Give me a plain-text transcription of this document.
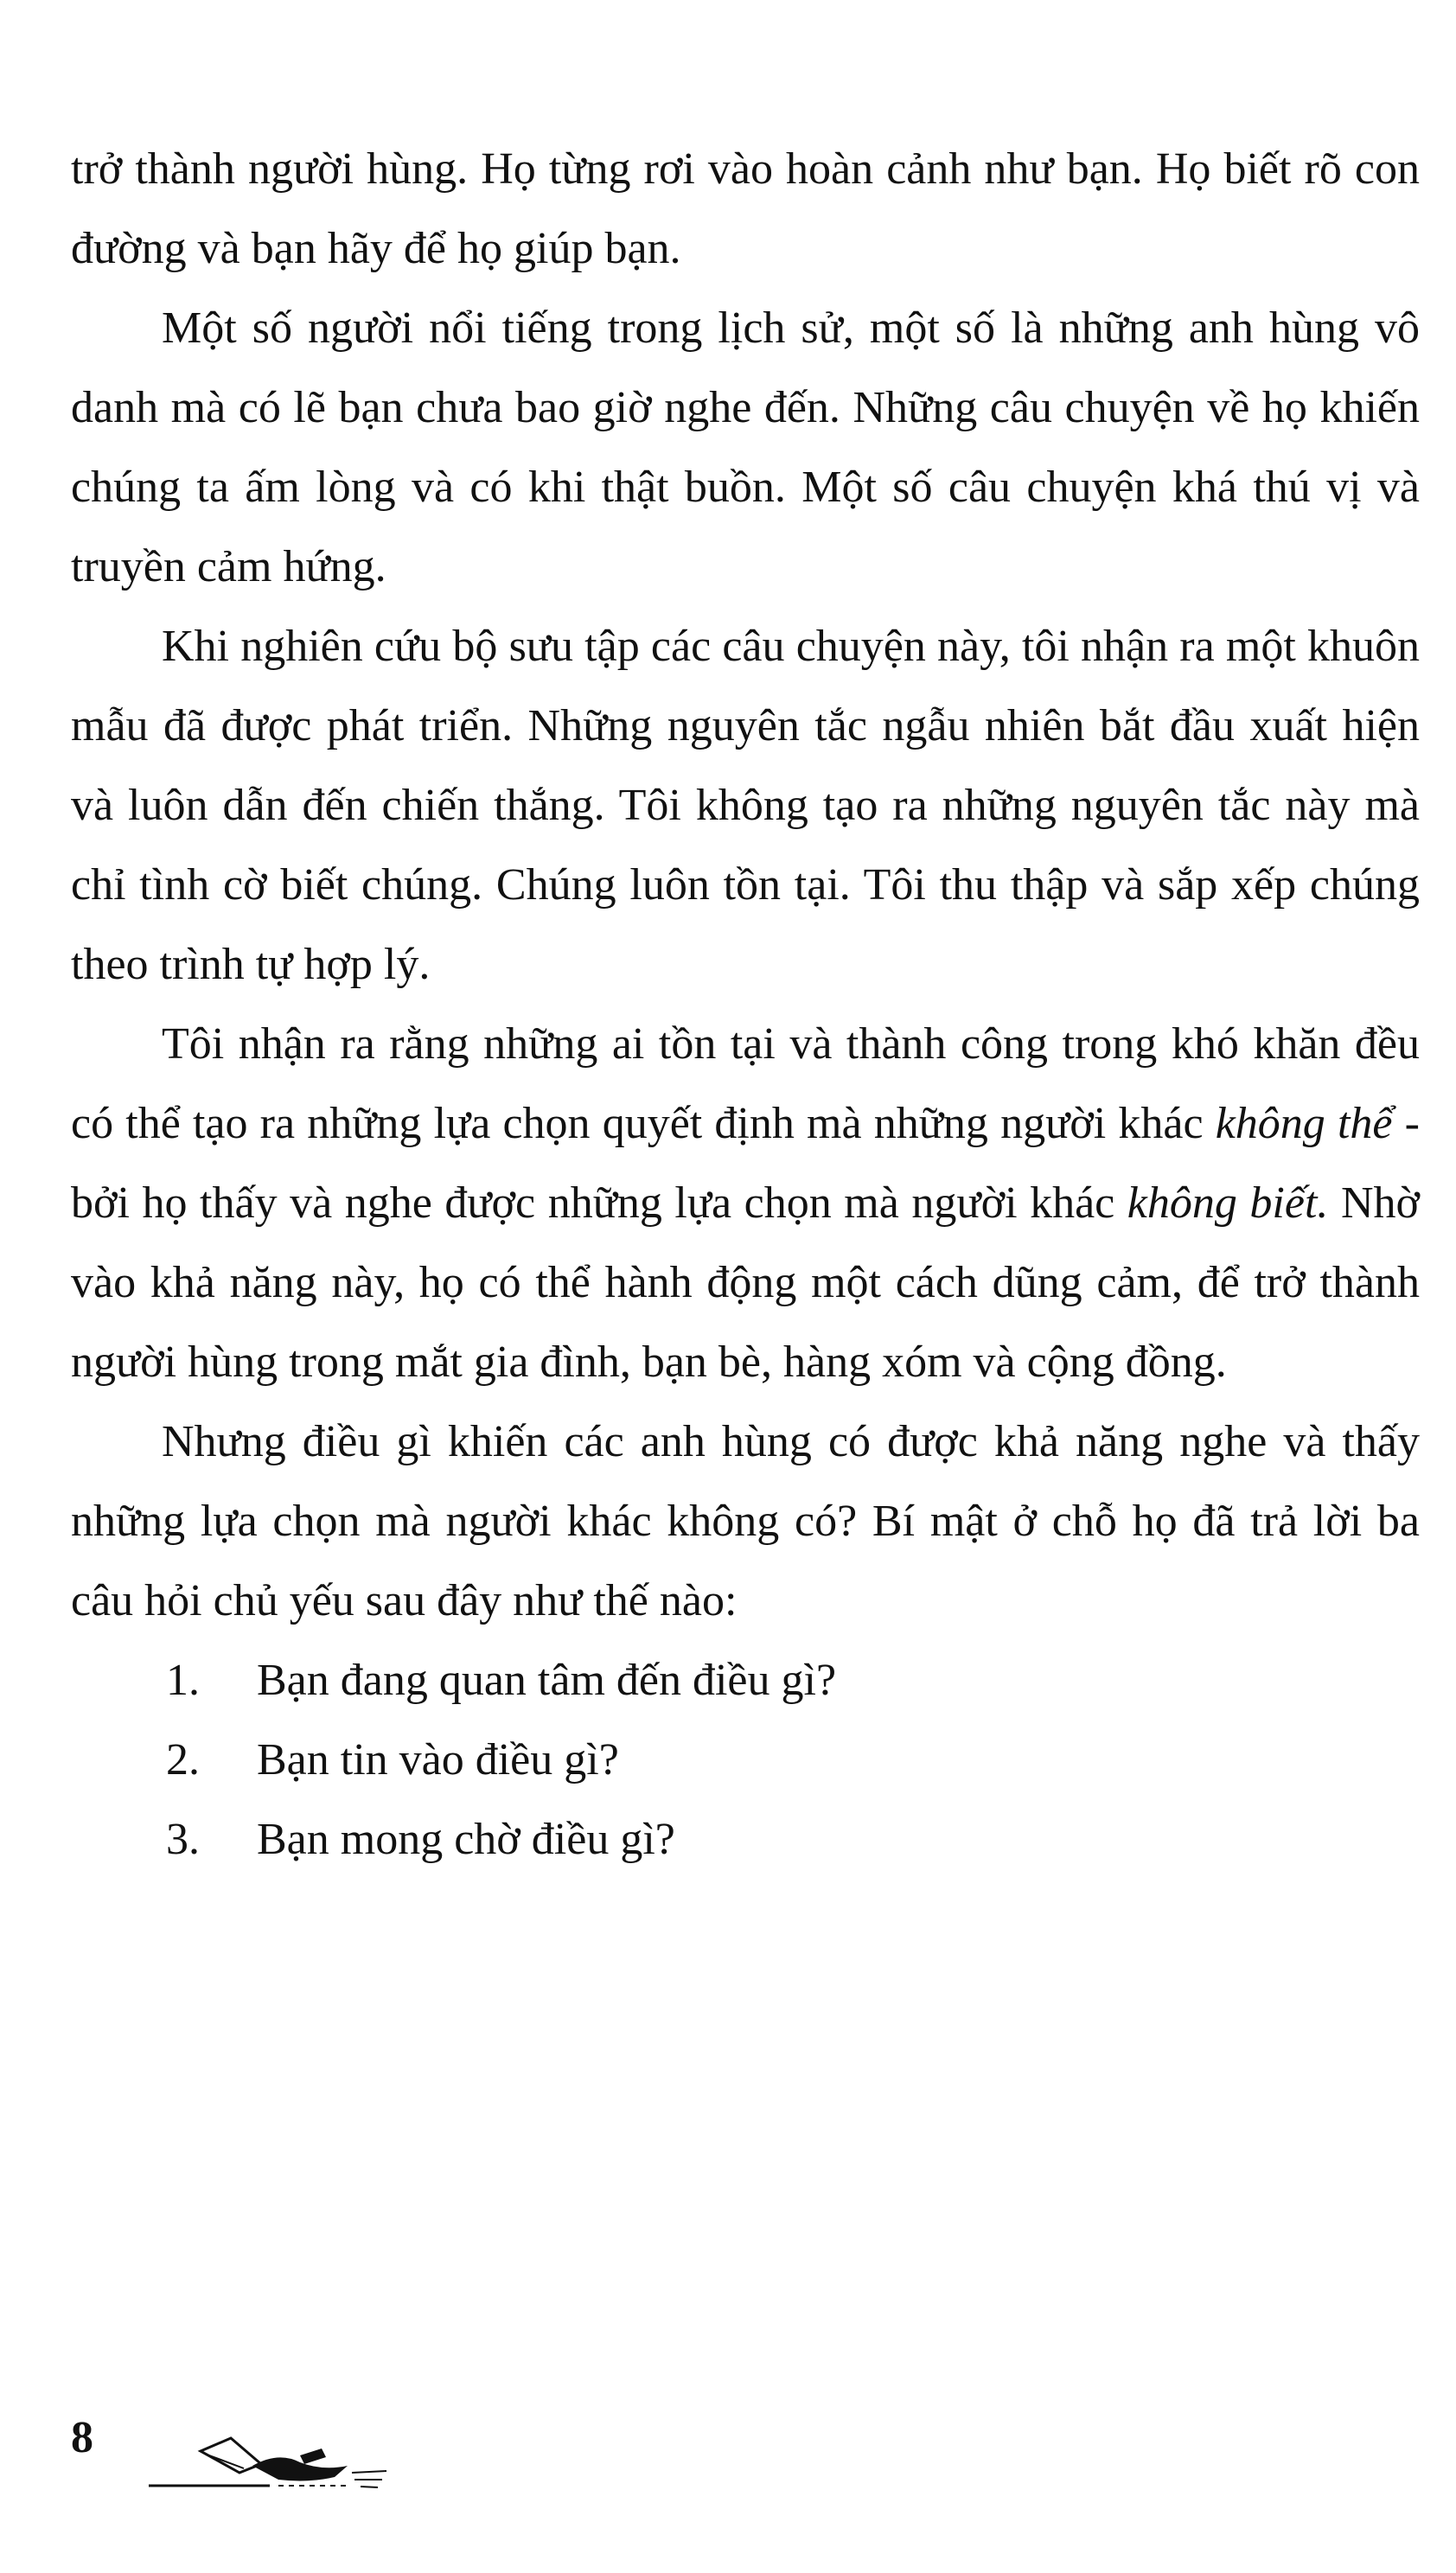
trở thành người hùng. Họ từng rơi vào hoàn cảnh như bạn. Họ biết rõ con đường và bạn hãy để họ giúp bạn.

Một số người nổi tiếng trong lịch sử, một số là những anh hùng vô danh mà có lẽ bạn chưa bao giờ nghe đến. Những câu chuyện về họ khiến chúng ta ấm lòng và có khi thật buồn. Một số câu chuyện khá thú vị và truyền cảm hứng.

Khi nghiên cứu bộ sưu tập các câu chuyện này, tôi nhận ra một khuôn mẫu đã được phát triển. Những nguyên tắc ngẫu nhiên bắt đầu xuất hiện và luôn dẫn đến chiến thắng. Tôi không tạo ra những nguyên tắc này mà chỉ tình cờ biết chúng. Chúng luôn tồn tại. Tôi thu thập và sắp xếp chúng theo trình tự hợp lý.

Tôi nhận ra rằng những ai tồn tại và thành công trong khó khăn đều có thể tạo ra những lựa chọn quyết định mà những người khác không thể - bởi họ thấy và nghe được những lựa chọn mà người khác không biết. Nhờ vào khả năng này, họ có thể hành động một cách dũng cảm, để trở thành người hùng trong mắt gia đình, bạn bè, hàng xóm và cộng đồng.

Nhưng điều gì khiến các anh hùng có được khả năng nghe và thấy những lựa chọn mà người khác không có? Bí mật ở chỗ họ đã trả lời ba câu hỏi chủ yếu sau đây như thế nào:

1. Bạn đang quan tâm đến điều gì?
2. Bạn tin vào điều gì?
3. Bạn mong chờ điều gì?
8
